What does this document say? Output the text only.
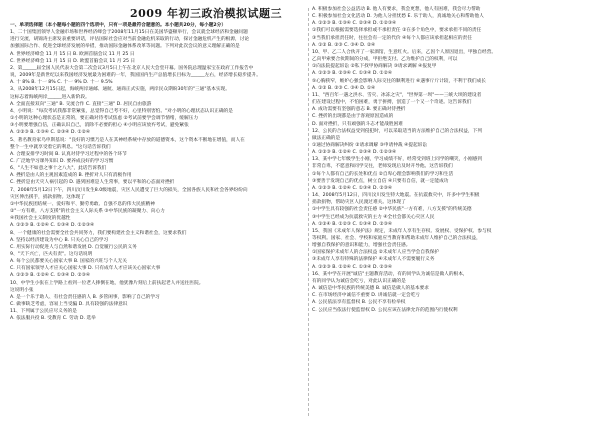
2009 年初三政治模拟试题三

一、单项选择题（本小题每小题的四个选项中，只有一项是最符合题意的。本小题共20分，每小题2分）

1、二十国集团领导人金融市场和世界经济峰会于2008年11月15日在美国华盛顿举行，会议就全球经济和金融问题

进行交流，胡锦涛主席发表重要讲话，评估国际社会应对当前金融危机采取的行动，探讨金融危机产生的根源，讨论

加强国际合作、促进全球经济发展的举措，推动国际金融体系改革等问题。下列对此次会议的意义理解正确的是

A. 世界经济峰会 11 月 15 日 B. 欧洲首脑会议 11 月 25 日

C. 世界经济峰会 11 月 15 日 D. 欧盟首脑会议 11 月 25 日

2、第______届全国人民代表大会第二次会议3月5日上午在北京人民大会堂开幕。国务院总理温家宝在政府工作报告中

说，2009年是新世纪以来我国经济发展最为困难的一年，我国国内生产总值增长目标为______左右，经济增长稳步提升。

A. 十 8% B. 十一 8% C. 十一 9% D. 十一 9.5%

3、从2008年12月15日起，海峡两岸通邮、通航、通商正式实施，两岸民众期盼30年的"三通"基本实现。

这标志着海峡两岸______进入新阶段。

A. 全面直接双向"三通" B. 交流合作 C. 直接"三通" D. 居民自由旅游

4、小明说："每次考试我都非常紧张，总觉得自己考不好，心里特别害怕。"对小明的心理状态认识正确的是

①小明的这种心理状态是正常的，要正确对待考试焦虑 ②考试前要学会调节情绪，缓解压力

③小明要增强自信，正确认识自己，消除不必要的担心 ④小明应该放弃考试，避免紧张

A. ①②③ B. ①③④ C. ②③④ D. ①②④

5、著名教育家乌申斯基说："良好的习惯乃是人在其神经系统中存放的道德资本，这个资本不断地在增值，而人在

整个一生中就享受着它的利息。"这句话告诉我们

A. 合理安排学习时间 B. 认真对待学习过程中的各个环节

C. 广泛地学习课外知识 D. 要养成良好的学习习惯

6、"人生不如意之事十之八九"，此话告诉我们

A. 挫折是由人的主观因素造成的 B. 挫折对人只有消极作用

C. 挫折是由天灾人祸引起的 D. 遇到困难是人生常事，要以平和的心态面对挫折

7、2008年5月12日下午，四川汶川发生8.0级地震，灾区人民遭受了巨大的损失，全国各族人民和社会各界纷纷向

灾区伸出援手，捐款捐物。这体现了

①中华民族团结统一、爱好和平、勤劳勇敢、自强不息的伟大民族精神

②"一方有难，八方支援"的社会主义人际关系 ③中华民族的凝聚力、向心力

④我国社会主义制度的优越性

A. ①②③ B. ①②④ C. ①③④ D. ①②③④

8、一个健康的社会需要全社会共同努力，我们要构建社会主义和谐社会，这要求我们

A. 坚持以经济建设为中心 B. 只关心自己的学习

C. 用实际行动促进人与自然和谐发展 D. 自觉履行公民的义务

9、"天下兴亡，匹夫有责"。这句话说明

A. 每个公民都要关心国家大事 B. 国家的兴旺与个人无关

C. 只有国家领导人才应关心国家大事 D. 只有成年人才应该关心国家大事

A. ①②③ B. ①②④ C. ①③④ D. ②③④

10、中学生小张在上学路上看到一位老人摔倒在地，他犹豫片刻后上前扶起老人并送往医院。

这说明小张

A. 是一个乐于助人、有社会责任感的人 B. 多管闲事，影响了自己的学习

C. 做事缺乏考虑，容易上当受骗 D. 具有较强的法律意识

11、下列属于公民应尽义务的是

A. 依法服兵役 B. 受教育 C. 劳动 D. 选举

A. 积极参加社会公益活动 B. 他人有要求，我会更想，他人有困难，我会尽力帮助

C. 积极参加社会文化活动 D. 为他人分担忧愁 E. 乐于助人，真诚地关心和帮助他人

A. ①②③ B. ①③④ C. ②③④ D. ①②③④

①我们可以根据需要选择承担或不承担责任 ②在多个角色中，要求承担不同的责任

③当我们承担责任时，往往会有一定的代价 ④每个人都应该承担起相应的责任

A. ①② B. ②③ C. ③④ D. ②④

10、甲、乙二人合伙开了一家酒馆，生意红火。后来，乙因个人原因退出，甲独自经营。

乙向甲索要合伙期间的分成，甲拒绝支付。乙为维护自己的权利，可以

①向法院提起诉讼 ②私下找甲协商解决 ③请求调解 ④报复甲

A. ①②③ B. ②③④ C. ①③④ D. ①②④

⑤心胸狭窄，嫉妒心强会影响人际交往的顺利进行 ⑥遇事斤斤计较，不利于我们成长

A. ①② B. ②③ C. ③④ D. ①④

11、"西百年一遇之洪水、雪灾、冰冻之灾"，"世界第一坝"——三峡大坝的建设者

们在建设过程中，不怕困难，勇于拼搏，创造了一个又一个奇迹。这告诉我们

A. 成功需要有坚强的意志 B. 要正确对待挫折

C. 挫折的出现都是由于客观原因造成的

D. 面对挫折，只有顽强的斗志才能战胜困难

12、公民的合法权益受到侵犯时，可以采取适当的方法维护自己的合法权益，下列

做法正确的是

①通过协商解决纠纷 ②请求调解 ③申请仲裁 ④提起诉讼

A. ①②③ B. ①②④ C. ②③④ D. ①②③④

13、某中学七年级学生小刚，学习成绩不好，经常受到班上同学的嘲笑，小刚感到

非常自卑，不愿意和同学交往，老师发现后及时开导他。这告诉我们

①每个人都有自己的长处和优点 ②自卑心理会影响我们的学习和生活

③要善于发现自己的优点，树立自信 ④只要有自信，就一定能成功

A. ①②③ B. ①②④ C. ①③④ D. ②③④

14、2008年5月12日，四川汶川发生特大地震。在抗震救灾中，许多中学生积极

捐款捐物，帮助灾区人民渡过难关。这体现了

①中学生具有较强的社会责任感 ②中华民族"一方有难，八方支援"的传统美德

③中学生已经成为抗震救灾的主力 ④全社会都关心灾区人民

A. ①②④ B. ①②③ C. ①③④ D. ②③④

15、我国《未成年人保护法》规定，未成年人享有生存权、发展权、受保护权、参与权

等权利。国家、社会、学校和家庭应当教育和帮助未成年人维护自己的合法权益，

增强自我保护的意识和能力，增强社会责任感。

①国家保护未成年人的合法权益 ②未成年人应当学会自我保护

③未成年人享有特殊的法律保护 ④未成年人不需要履行义务

A. ①②③ B. ①②④ C. ①③④ D. ②③④

16、某中学在开展"诚信"主题教育活动，有的同学认为诚信是做人的根本，

有的同学认为诚信会吃亏，对此认识正确的是

A. 诚信是中华民族的传统美德 B. 诚信是做人的基本要求

C. 在市场经济中诚信不重要 D. 讲诚信就一定会吃亏

A. 公民依法享有监督权 B. 公民不享有检举权

C. 公民应当依法行使监督权 D. 公民应该在法律允许的范围内行使权利
